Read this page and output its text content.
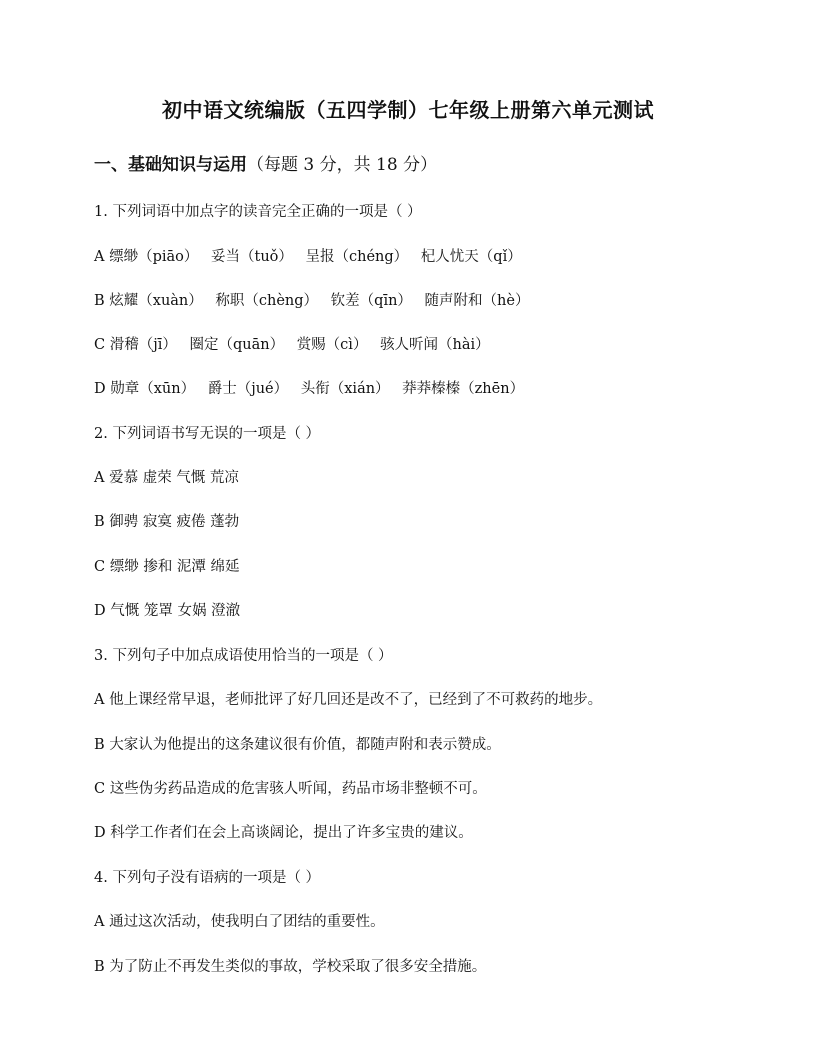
初中语文统编版（五四学制）七年级上册第六单元测试
一、基础知识与运用（每题 3 分，共 18 分）
1. 下列词语中加点字的读音完全正确的一项是（ ）
A 缥缈（piāo） 妥当（tuǒ） 呈报（chéng） 杞人忧天（qǐ）
B 炫耀（xuàn） 称职（chèng） 钦差（qīn） 随声附和（hè）
C 滑稽（jī） 圈定（quān） 赏赐（cì） 骇人听闻（hài）
D 勋章（xūn） 爵士（jué） 头衔（xián） 莽莽榛榛（zhēn）
2. 下列词语书写无误的一项是（ ）
A 爱慕 虚荣 气慨 荒凉
B 御骋 寂寞 疲倦 蓬勃
C 缥缈 掺和 泥潭 绵延
D 气慨 笼罩 女娲 澄澈
3. 下列句子中加点成语使用恰当的一项是（ ）
A 他上课经常早退，老师批评了好几回还是改不了，已经到了不可救药的地步。
B 大家认为他提出的这条建议很有价值，都随声附和表示赞成。
C 这些伪劣药品造成的危害骇人听闻，药品市场非整顿不可。
D 科学工作者们在会上高谈阔论，提出了许多宝贵的建议。
4. 下列句子没有语病的一项是（ ）
A 通过这次活动，使我明白了团结的重要性。
B 为了防止不再发生类似的事故，学校采取了很多安全措施。
